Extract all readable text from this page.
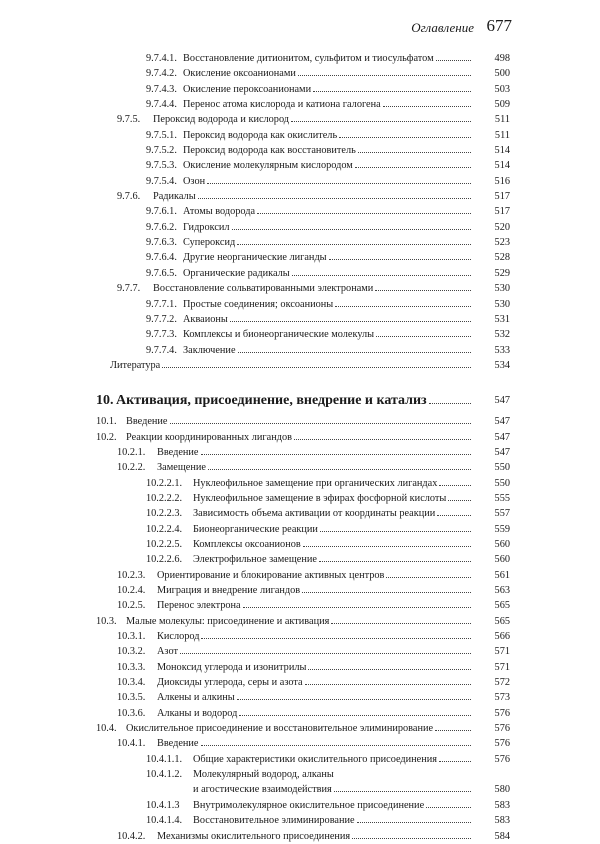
Оглавление 677
9.7.4.1. Восстановление дитионитом, сульфитом и тиосульфатом	498
9.7.4.2. Окисление оксоанионами	500
9.7.4.3. Окисление пероксоанионами	503
9.7.4.4. Перенос атома кислорода и катиона галогена	509
9.7.5. Пероксид водорода и кислород	511
9.7.5.1. Пероксид водорода как окислитель	511
9.7.5.2. Пероксид водорода как восстановитель	514
9.7.5.3. Окисление молекулярным кислородом	514
9.7.5.4. Озон	516
9.7.6. Радикалы	517
9.7.6.1. Атомы водорода	517
9.7.6.2. Гидроксил	520
9.7.6.3. Супероксид	523
9.7.6.4. Другие неорганические лиганды	528
9.7.6.5. Органические радикалы	529
9.7.7. Восстановление сольватированными электронами	530
9.7.7.1. Простые соединения; оксоанионы	530
9.7.7.2. Акваионы	531
9.7.7.3. Комплексы и бионеорганические молекулы	532
9.7.7.4. Заключение	533
Литература	534
10. Активация, присоединение, внедрение и катализ	547
10.1. Введение	547
10.2. Реакции координированных лигандов	547
10.2.1. Введение	547
10.2.2. Замещение	550
10.2.2.1. Нуклеофильное замещение при органических лигандах	550
10.2.2.2. Нуклеофильное замещение в эфирах фосфорной кислоты	555
10.2.2.3. Зависимость объема активации от координаты реакции	557
10.2.2.4. Бионеорганические реакции	559
10.2.2.5. Комплексы оксоанионов	560
10.2.2.6. Электрофильное замещение	560
10.2.3. Ориентирование и блокирование активных центров	561
10.2.4. Миграция и внедрение лигандов	563
10.2.5. Перенос электрона	565
10.3. Малые молекулы: присоединение и активация	565
10.3.1. Кислород	566
10.3.2. Азот	571
10.3.3. Моноксид углерода и изонитрилы	571
10.3.4. Диоксиды углерода, серы и азота	572
10.3.5. Алкены и алкины	573
10.3.6. Алканы и водород	576
10.4. Окислительное присоединение и восстановительное элиминирование	576
10.4.1. Введение	576
10.4.1.1. Общие характеристики окислительного присоединения	576
10.4.1.2. Молекулярный водород, алканы
и агостические взаимодействия	580
10.4.1.3 Внутримолекулярное окислительное присоединение	583
10.4.1.4. Восстановительное элиминирование	583
10.4.2. Механизмы окислительного присоединения	584
